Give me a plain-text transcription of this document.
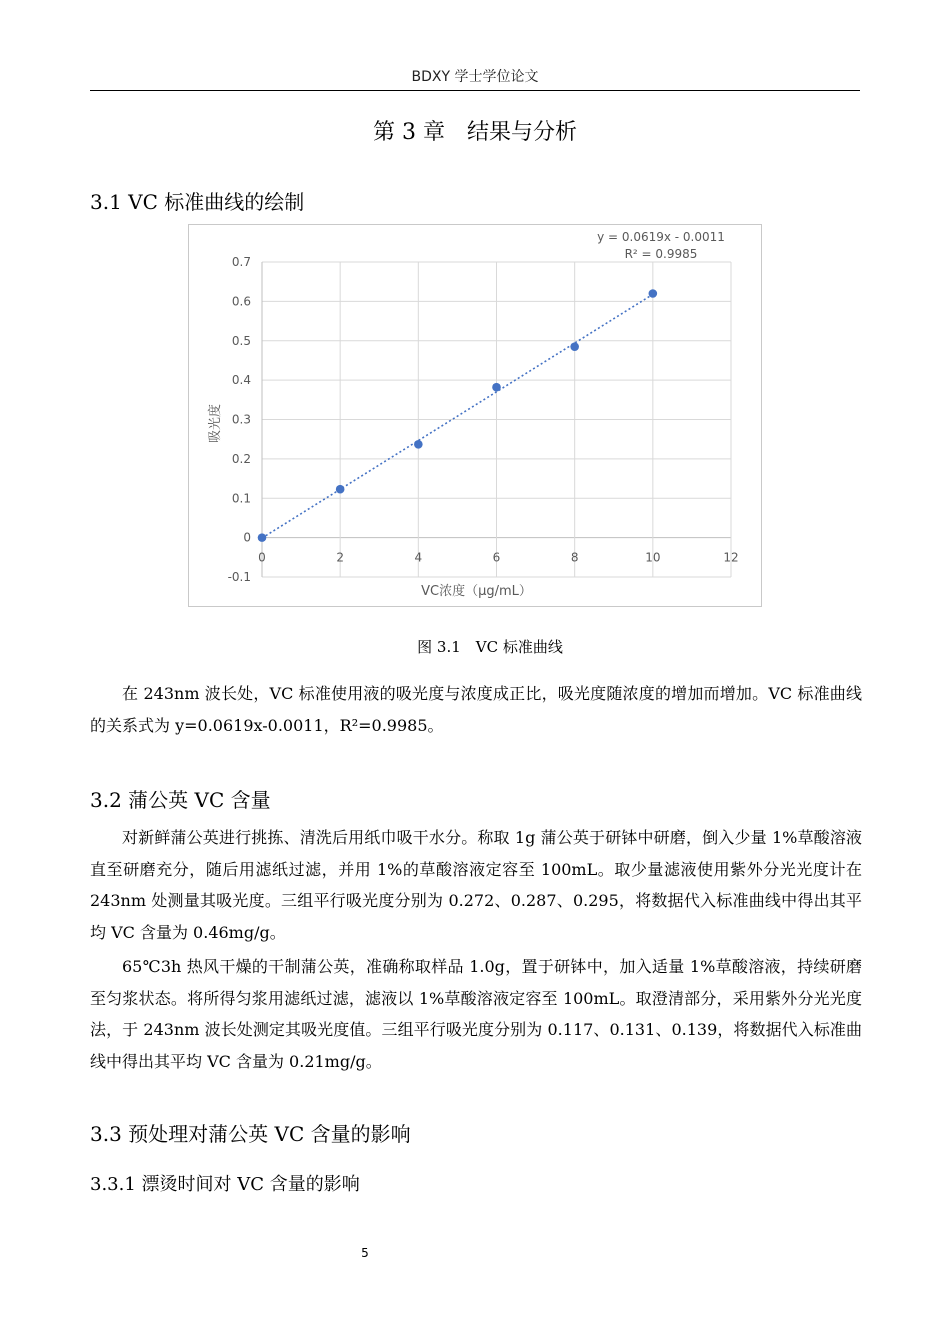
BDXY 学士学位论文
第 3 章　结果与分析
3.1 VC 标准曲线的绘制
-0.1
0
0.1
0.2
0.3
0.4
0.5
0.6
0.7
0	2	4	6	8	10	12
y = 0.0619x - 0.0011
R² = 0.9985
VC浓度（μg/mL）
吸光度
图 3.1　VC 标准曲线

在 243nm 波长处，VC 标准使用液的吸光度与浓度成正比，吸光度随浓度的增加而增加。VC 标准曲线的关系式为 y=0.0619x-0.0011，R²=0.9985。

3.2 蒲公英 VC 含量

对新鲜蒲公英进行挑拣、清洗后用纸巾吸干水分。称取 1g 蒲公英于研钵中研磨，倒入少量 1%草酸溶液直至研磨充分，随后用滤纸过滤，并用 1%的草酸溶液定容至 100mL。取少量滤液使用紫外分光光度计在 243nm 处测量其吸光度。三组平行吸光度分别为 0.272、0.287、0.295，将数据代入标准曲线中得出其平均 VC 含量为 0.46mg/g。

65℃3h 热风干燥的干制蒲公英，准确称取样品 1.0g，置于研钵中，加入适量 1%草酸溶液，持续研磨至匀浆状态。将所得匀浆用滤纸过滤，滤液以 1%草酸溶液定容至 100mL。取澄清部分，采用紫外分光光度法，于 243nm 波长处测定其吸光度值。三组平行吸光度分别为 0.117、0.131、0.139，将数据代入标准曲线中得出其平均 VC 含量为 0.21mg/g。

3.3 预处理对蒲公英 VC 含量的影响
3.3.1 漂烫时间对 VC 含量的影响
5
